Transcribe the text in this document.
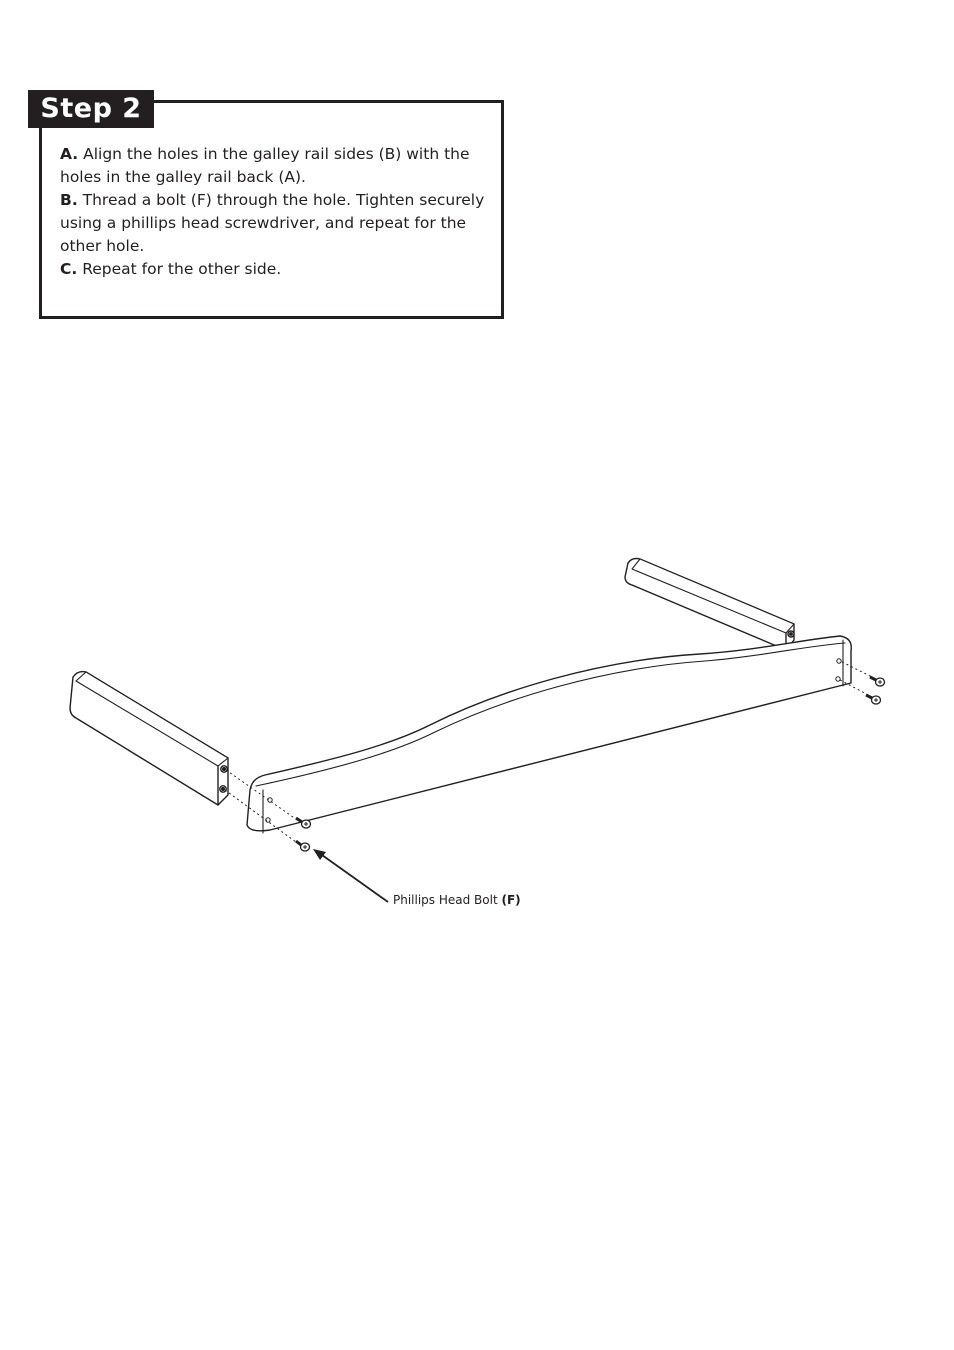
Step 2

A. Align the holes in the galley rail sides (B) with the holes in the galley rail back (A).

B. Thread a bolt (F) through the hole. Tighten securely using a phillips head screwdriver, and repeat for the other hole.

C. Repeat for the other side.

Phillips Head Bolt (F)
